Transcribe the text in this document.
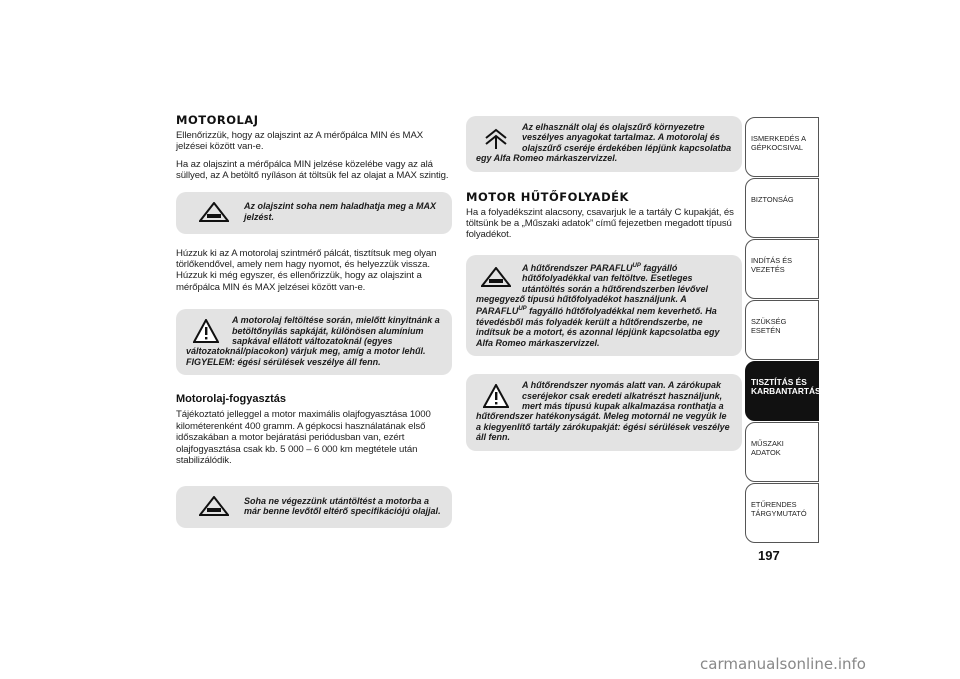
MOTOROLAJ

Ellenőrizzük, hogy az olajszint az A mérőpálca MIN és MAX jelzései között van-e.

Ha az olajszint a mérőpálca MIN jelzése közelébe vagy az alá süllyed, az A betöltő nyíláson át töltsük fel az olajat a MAX szintig.

Az olajszint soha nem haladhatja meg a MAX jelzést.

Húzzuk ki az A motorolaj szintmérő pálcát, tisztítsuk meg olyan törlőkendővel, amely nem hagy nyomot, és helyezzük vissza. Húzzuk ki még egyszer, és ellenőrizzük, hogy az olajszint a mérőpálca MIN és MAX jelzései között van-e.

A motorolaj feltöltése során, mielőtt kinyitnánk a betöltőnyílás sapkáját, különösen alumínium sapkával ellátott változatoknál (egyes változatoknál/piacokon) várjuk meg, amíg a motor lehűl. FIGYELEM: égési sérülések veszélye áll fenn.
Motorolaj-fogyasztás

Tájékoztató jelleggel a motor maximális olajfogyasztása 1000 kilométerenként 400 gramm. A gépkocsi használatának első időszakában a motor bejáratási periódusban van, ezért olajfogyasztása csak kb. 5 000 – 6 000 km megtétele után stabilizálódik.

Soha ne végezzünk utántöltést a motorba a már benne levőtől eltérő specifikációjú olajjal.
Az elhasznált olaj és olajszűrő környezetre veszélyes anyagokat tartalmaz. A motorolaj és olajszűrő cseréje érdekében lépjünk kapcsolatba egy Alfa Romeo márkaszervizzel.
MOTOR HŰTŐFOLYADÉK

Ha a folyadékszint alacsony, csavarjuk le a tartály C kupakját, és töltsünk be a „Műszaki adatok” című fejezetben megadott típusú folyadékot.

A hűtőrendszer $PARAFLU^{UP}$ fagyálló hűtőfolyadékkal van feltöltve. Esetleges utántöltés során a hűtőrendszerben lévővel megegyező típusú hűtőfolyadékot használjunk. A $PARAFLU^{UP}$ fagyálló hűtőfolyadékkal nem keverhető. Ha tévedésből más folyadék került a hűtőrendszerbe, ne indítsuk be a motort, és azonnal lépjünk kapcsolatba egy Alfa Romeo márkaszervizzel.
A hűtőrendszer nyomás alatt van. A zárókupak cseréjekor csak eredeti alkatrészt használjunk, mert más típusú kupak alkalmazása ronthatja a hűtőrendszer hatékonyságát. Meleg motornál ne vegyük le a kiegyenlítő tartály zárókupakját: égési sérülések veszélye áll fenn.
ISMERKEDÉS A GÉPKOCSIVAL
BIZTONSÁG
INDÍTÁS ÉS VEZETÉS
SZÜKSÉG ESETÉN
TISZTÍTÁS ÉS KARBANTARTÁS
MŰSZAKI ADATOK
ETŰRENDES TÁRGYMUTATÓ
197
carmanualsonline.info
